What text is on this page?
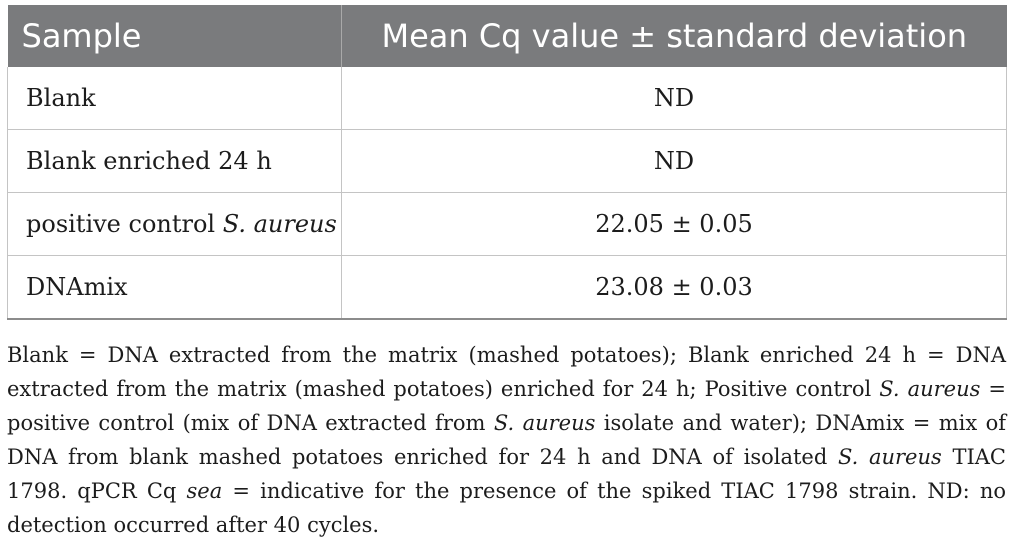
Sample	Mean Cq value ± standard deviation
Blank	ND
Blank enriched 24 h	ND
positive control S. aureus	22.05 ± 0.05
DNAmix	23.08 ± 0.03

Blank = DNA extracted from the matrix (mashed potatoes); Blank enriched 24 h = DNA extracted from the matrix (mashed potatoes) enriched for 24 h; Positive control S. aureus = positive control (mix of DNA extracted from S. aureus isolate and water); DNAmix = mix of DNA from blank mashed potatoes enriched for 24 h and DNA of isolated S. aureus TIAC 1798. qPCR Cq sea = indicative for the presence of the spiked TIAC 1798 strain. ND: no detection occurred after 40 cycles.
